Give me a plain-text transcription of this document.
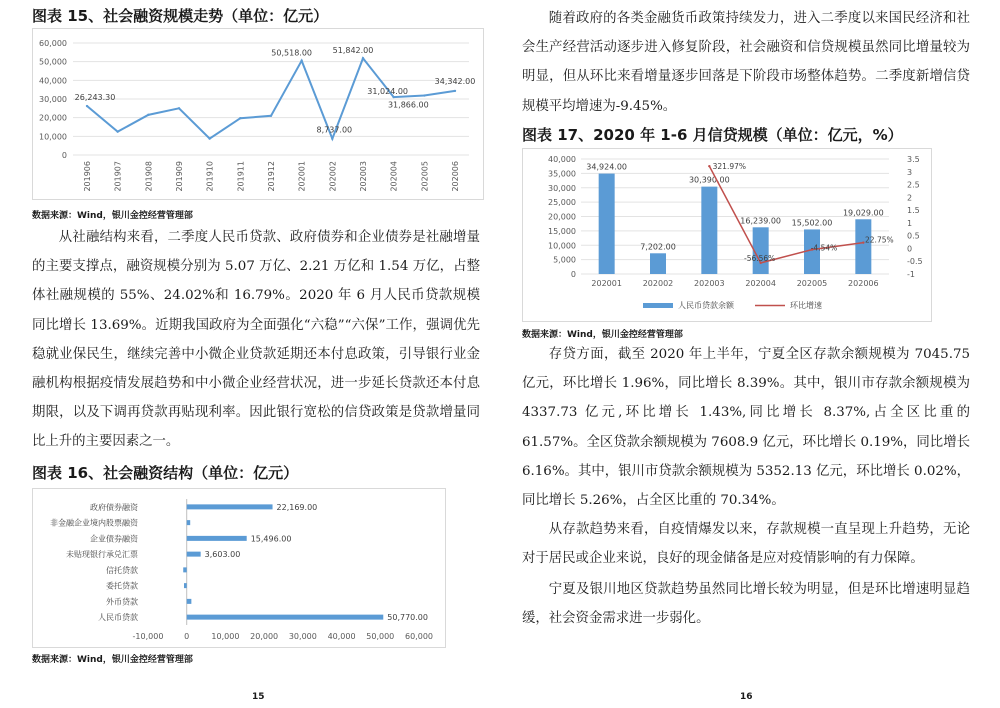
图表 15、社会融资规模走势（单位：亿元）
0
10,000
20,000
30,000
40,000
50,000
60,000
201906	201907	201908	201909	201910	201911	201912	202001	202002	202003	202004	202005	202006
26,243.30
50,518.00
8,737.00
51,842.00
31,024.00
31,866.00
34,342.00
数据来源：Wind，银川金控经营管理部

从社融结构来看，二季度人民币贷款、政府债券和企业债券是社融增量的主要支撑点，融资规模分别为 5.07 万亿、2.21 万亿和 1.54 万亿，占整体社融规模的 55%、24.02%和 16.79%。2020 年 6 月人民币贷款规模同比增长 13.69%。近期我国政府为全面强化“六稳”“六保”工作，强调优先稳就业保民生，继续完善中小微企业贷款延期还本付息政策，引导银行业金融机构根据疫情发展趋势和中小微企业经营状况，进一步延长贷款还本付息期限，以及下调再贷款再贴现利率。因此银行宽松的信贷政策是贷款增量同比上升的主要因素之一。

图表 16、社会融资结构（单位：亿元）
-10,000	0	10,000 20,000 30,000 40,000 50,000 60,000
政府债券融资	22,169.00
非金融企业境内股票融资
企业债券融资	15,496.00
未贴现银行承兑汇票	3,603.00
信托贷款
委托贷款
外币贷款
人民币贷款	50,770.00
数据来源：Wind，银川金控经营管理部
15

随着政府的各类金融货币政策持续发力，进入二季度以来国民经济和社会生产经营活动逐步进入修复阶段，社会融资和信贷规模虽然同比增量较为明显，但从环比来看增量逐步回落是下阶段市场整体趋势。二季度新增信贷规模平均增速为-9.45%。

图表 17、2020 年 1-6 月信贷规模（单位：亿元，%）
0
5,000
10,000
15,000
20,000
25,000
30,000
35,000
40,000
-1
-0.5
0
0.5
1
1.5
2
2.5
3
3.5
34,924.00
202001
7,202.00
202002
30,390.00
202003
16,239.00
202004
15,502.00
202005
19,029.00
202006
321.97%
-56.56%
-4.54%
22.75%
人民币贷款余额	环比增速
数据来源：Wind，银川金控经营管理部

存贷方面，截至 2020 年上半年，宁夏全区存款余额规模为 7045.75 亿元，环比增长 1.96%，同比增长 8.39%。其中，银川市存款余额规模为 4337.73 亿元,环比增长 1.43%,同比增长 8.37%,占全区比重的 61.57%。全区贷款余额规模为 7608.9 亿元，环比增长 0.19%，同比增长 6.16%。其中，银川市贷款余额规模为 5352.13 亿元，环比增长 0.02%，同比增长 5.26%，占全区比重的 70.34%。

从存款趋势来看，自疫情爆发以来，存款规模一直呈现上升趋势，无论对于居民或企业来说，良好的现金储备是应对疫情影响的有力保障。

宁夏及银川地区贷款趋势虽然同比增长较为明显，但是环比增速明显趋缓，社会资金需求进一步弱化。

16
